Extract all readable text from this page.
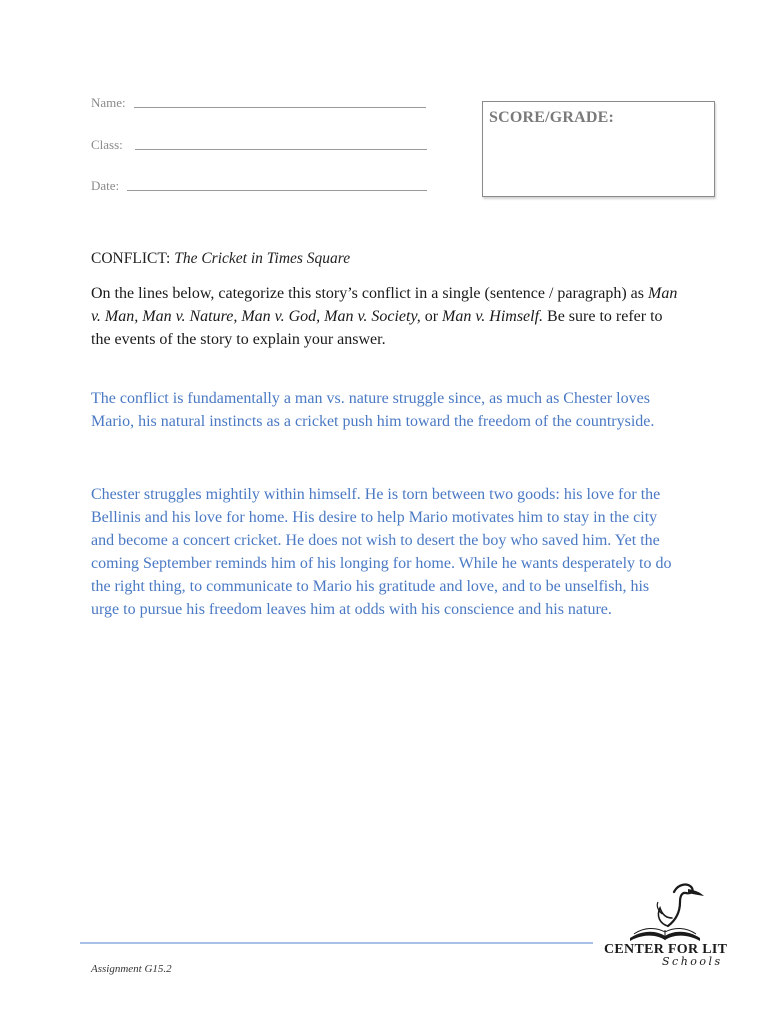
Name:
Class:
Date:
SCORE/GRADE:
CONFLICT: The Cricket in Times Square
On the lines below, categorize this story’s conflict in a single (sentence / paragraph) as Man v. Man, Man v. Nature, Man v. God, Man v. Society, or Man v. Himself. Be sure to refer to the events of the story to explain your answer.

The conflict is fundamentally a man vs. nature struggle since, as much as Chester loves Mario, his natural instincts as a cricket push him toward the freedom of the countryside.

Chester struggles mightily within himself. He is torn between two goods: his love for the Bellinis and his love for home. His desire to help Mario motivates him to stay in the city and become a concert cricket. He does not wish to desert the boy who saved him. Yet the coming September reminds him of his longing for home. While he wants desperately to do the right thing, to communicate to Mario his gratitude and love, and to be unselfish, his urge to pursue his freedom leaves him at odds with his conscience and his nature.

Assignment G15.2
CENTER FOR LIT
Schools
